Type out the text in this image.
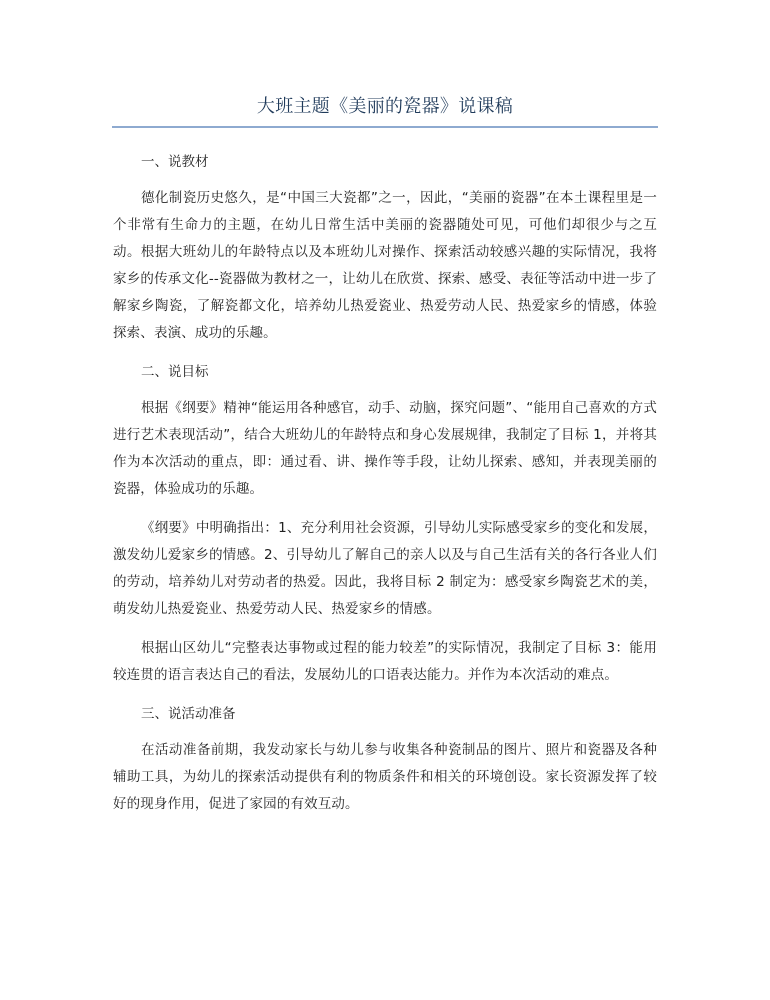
大班主题《美丽的瓷器》说课稿
一、说教材

德化制瓷历史悠久，是“中国三大瓷都”之一，因此，“美丽的瓷器”在本土课程里是一个非常有生命力的主题，在幼儿日常生活中美丽的瓷器随处可见，可他们却很少与之互动。根据大班幼儿的年龄特点以及本班幼儿对操作、探索活动较感兴趣的实际情况，我将家乡的传承文化--瓷器做为教材之一，让幼儿在欣赏、探索、感受、表征等活动中进一步了解家乡陶瓷，了解瓷都文化，培养幼儿热爱瓷业、热爱劳动人民、热爱家乡的情感，体验探索、表演、成功的乐趣。

二、说目标

根据《纲要》精神“能运用各种感官，动手、动脑，探究问题”、“能用自己喜欢的方式进行艺术表现活动”，结合大班幼儿的年龄特点和身心发展规律，我制定了目标 1，并将其作为本次活动的重点，即：通过看、讲、操作等手段，让幼儿探索、感知，并表现美丽的瓷器，体验成功的乐趣。

《纲要》中明确指出：1、充分利用社会资源，引导幼儿实际感受家乡的变化和发展，激发幼儿爱家乡的情感。2、引导幼儿了解自己的亲人以及与自己生活有关的各行各业人们的劳动，培养幼儿对劳动者的热爱。因此，我将目标 2 制定为：感受家乡陶瓷艺术的美，萌发幼儿热爱瓷业、热爱劳动人民、热爱家乡的情感。

根据山区幼儿“完整表达事物或过程的能力较差”的实际情况，我制定了目标 3：能用较连贯的语言表达自己的看法，发展幼儿的口语表达能力。并作为本次活动的难点。

三、说活动准备

在活动准备前期，我发动家长与幼儿参与收集各种瓷制品的图片、照片和瓷器及各种辅助工具，为幼儿的探索活动提供有利的物质条件和相关的环境创设。家长资源发挥了较好的现身作用，促进了家园的有效互动。
